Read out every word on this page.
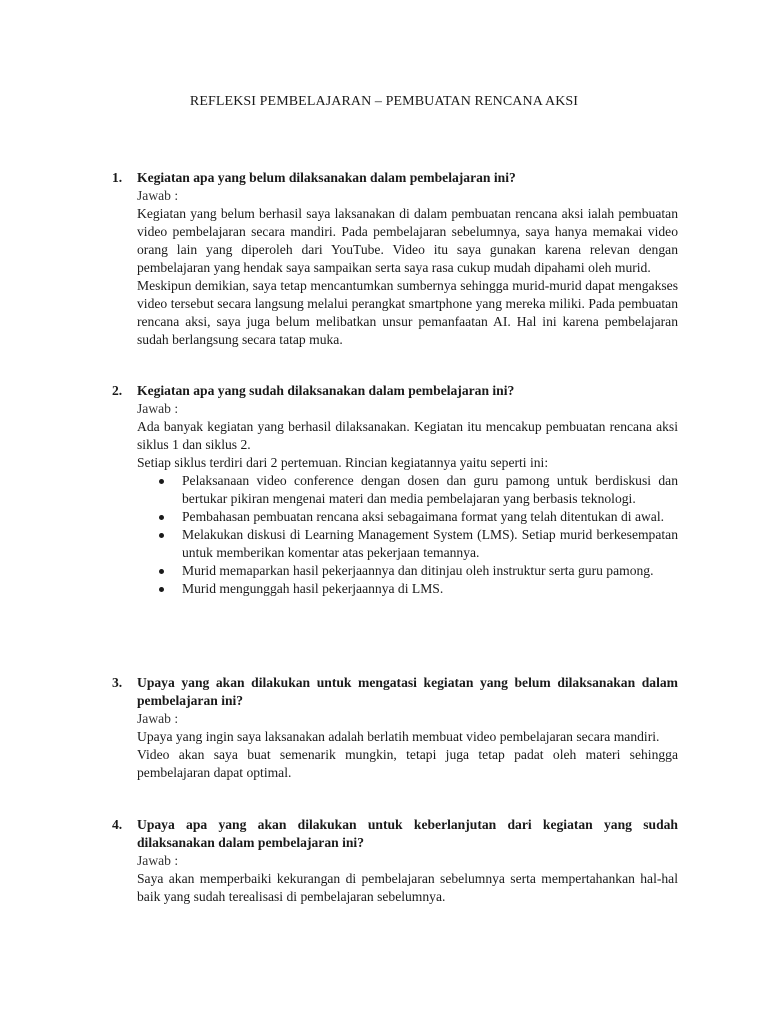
REFLEKSI PEMBELAJARAN – PEMBUATAN RENCANA AKSI
1. Kegiatan apa yang belum dilaksanakan dalam pembelajaran ini?
Jawab :
Kegiatan yang belum berhasil saya laksanakan di dalam pembuatan rencana aksi ialah pembuatan video pembelajaran secara mandiri. Pada pembelajaran sebelumnya, saya hanya memakai video orang lain yang diperoleh dari YouTube. Video itu saya gunakan karena relevan dengan pembelajaran yang hendak saya sampaikan serta saya rasa cukup mudah dipahami oleh murid.
Meskipun demikian, saya tetap mencantumkan sumbernya sehingga murid-murid dapat mengakses video tersebut secara langsung melalui perangkat smartphone yang mereka miliki. Pada pembuatan rencana aksi, saya juga belum melibatkan unsur pemanfaatan AI. Hal ini karena pembelajaran sudah berlangsung secara tatap muka.
2. Kegiatan apa yang sudah dilaksanakan dalam pembelajaran ini?
Jawab :
Ada banyak kegiatan yang berhasil dilaksanakan. Kegiatan itu mencakup pembuatan rencana aksi siklus 1 dan siklus 2.
Setiap siklus terdiri dari 2 pertemuan. Rincian kegiatannya yaitu seperti ini:
Pelaksanaan video conference dengan dosen dan guru pamong untuk berdiskusi dan bertukar pikiran mengenai materi dan media pembelajaran yang berbasis teknologi.
Pembahasan pembuatan rencana aksi sebagaimana format yang telah ditentukan di awal.
Melakukan diskusi di Learning Management System (LMS). Setiap murid berkesempatan untuk memberikan komentar atas pekerjaan temannya.
Murid memaparkan hasil pekerjaannya dan ditinjau oleh instruktur serta guru pamong.
Murid mengunggah hasil pekerjaannya di LMS.
3. Upaya yang akan dilakukan untuk mengatasi kegiatan yang belum dilaksanakan dalam pembelajaran ini?
Jawab :
Upaya yang ingin saya laksanakan adalah berlatih membuat video pembelajaran secara mandiri.
Video akan saya buat semenarik mungkin, tetapi juga tetap padat oleh materi sehingga pembelajaran dapat optimal.
4. Upaya apa yang akan dilakukan untuk keberlanjutan dari kegiatan yang sudah dilaksanakan dalam pembelajaran ini?
Jawab :
Saya akan memperbaiki kekurangan di pembelajaran sebelumnya serta mempertahankan hal-hal baik yang sudah terealisasi di pembelajaran sebelumnya.
